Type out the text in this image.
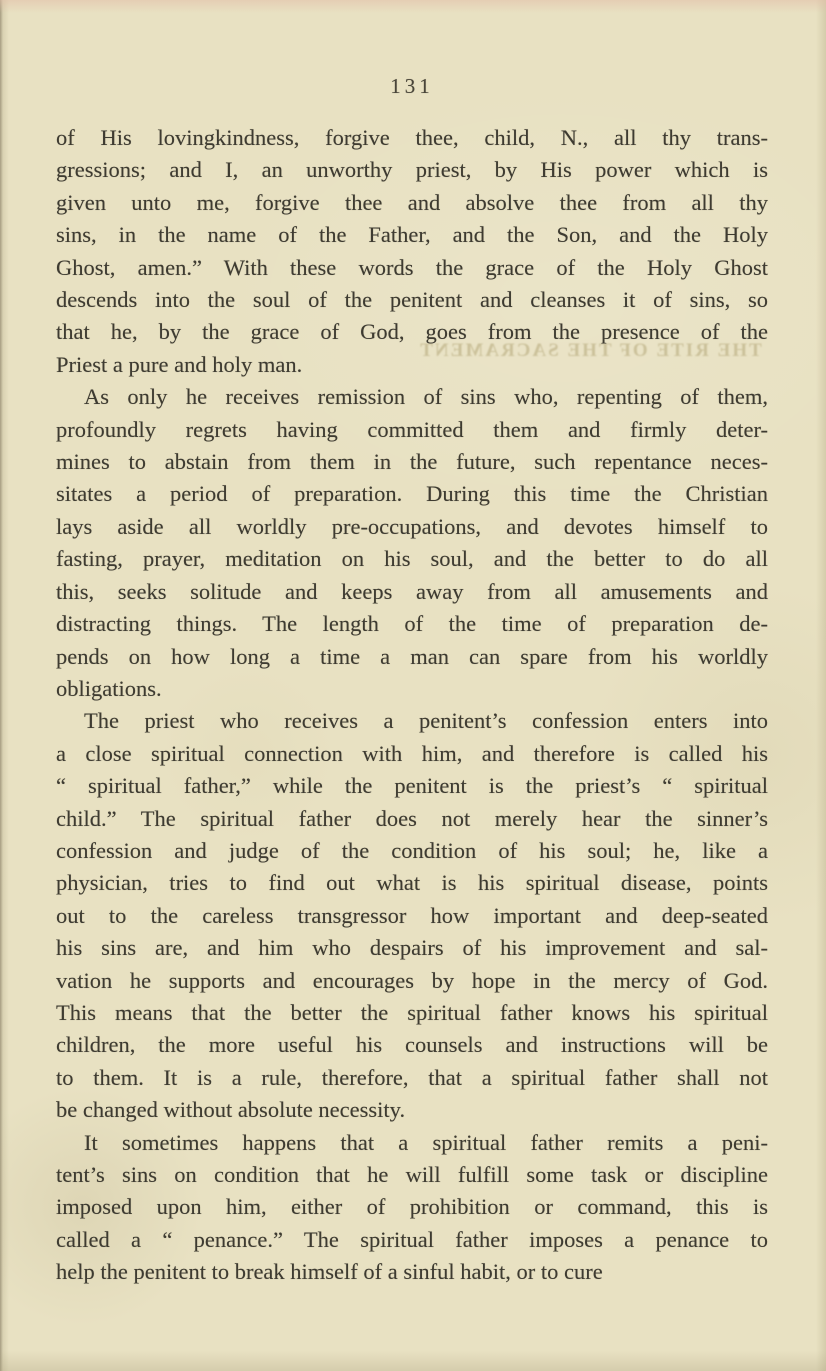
131
THE RITE OF THE SACRAMENT
of His lovingkindness, forgive thee, child, N., all thy trans-
gressions; and I, an unworthy priest, by His power which is
given unto me, forgive thee and absolve thee from all thy
sins, in the name of the Father, and the Son, and the Holy
Ghost, amen.” With these words the grace of the Holy Ghost
descends into the soul of the penitent and cleanses it of sins, so
that he, by the grace of God, goes from the presence of the
Priest a pure and holy man.
As only he receives remission of sins who, repenting of them,
profoundly regrets having committed them and firmly deter-
mines to abstain from them in the future, such repentance neces-
sitates a period of preparation. During this time the Christian
lays aside all worldly pre-occupations, and devotes himself to
fasting, prayer, meditation on his soul, and the better to do all
this, seeks solitude and keeps away from all amusements and
distracting things. The length of the time of preparation de-
pends on how long a time a man can spare from his worldly
obligations.
The priest who receives a penitent’s confession enters into
a close spiritual connection with him, and therefore is called his
“ spiritual father,” while the penitent is the priest’s “ spiritual
child.” The spiritual father does not merely hear the sinner’s
confession and judge of the condition of his soul; he, like a
physician, tries to find out what is his spiritual disease, points
out to the careless transgressor how important and deep-seated
his sins are, and him who despairs of his improvement and sal-
vation he supports and encourages by hope in the mercy of God.
This means that the better the spiritual father knows his spiritual
children, the more useful his counsels and instructions will be
to them. It is a rule, therefore, that a spiritual father shall not
be changed without absolute necessity.
It sometimes happens that a spiritual father remits a peni-
tent’s sins on condition that he will fulfill some task or discipline
imposed upon him, either of prohibition or command, this is
called a “ penance.” The spiritual father imposes a penance to
help the penitent to break himself of a sinful habit, or to cure
